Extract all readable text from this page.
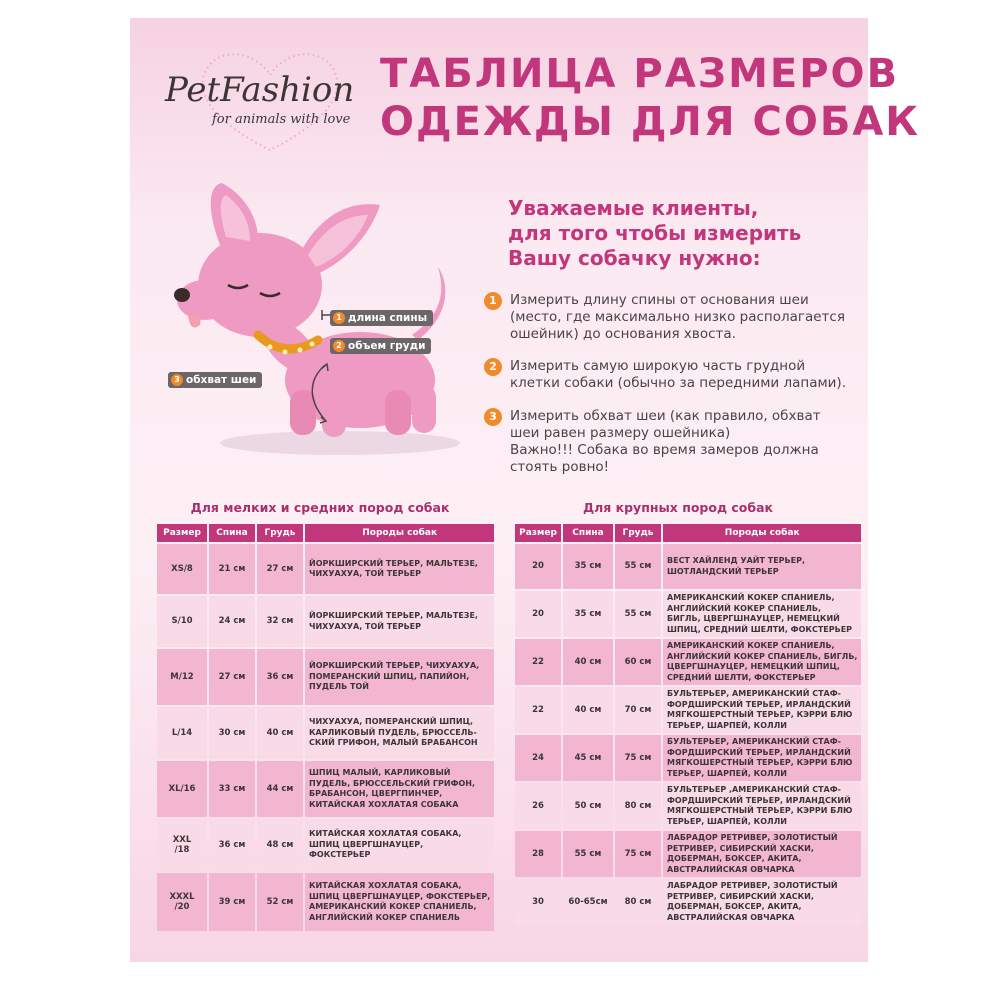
PetFashion
for animals with love
ТАБЛИЦА РАЗМЕРОВ
ОДЕЖДЫ ДЛЯ СОБАК
1 длина спины
2 объем груди
3 обхват шеи
Уважаемые клиенты,
для того чтобы измерить
Вашу собачку нужно:
1 Измерить длину спины от основания шеи
(место, где максимально низко располагается
ошейник) до основания хвоста.
2 Измерить самую широкую часть грудной
клетки собаки (обычно за передними лапами).
3 Измерить обхват шеи (как правило, обхват
шеи равен размеру ошейника)
Важно!!! Собака во время замеров должна
стоять ровно!
Для мелких и средних пород собак	Для крупных пород собак
Размер	Спина	Грудь	Породы собак

XS/8	21 см	27 см	ЙОРКШИРСКИЙ ТЕРЬЕР, МАЛЬТЕЗЕ,
ЧИХУАХУА, ТОЙ ТЕРЬЕР

S/10	24 см	32 см	ЙОРКШИРСКИЙ ТЕРЬЕР, МАЛЬТЕЗЕ,
ЧИХУАХУА, ТОЙ ТЕРЬЕР

M/12	27 см	36 см	ЙОРКШИРСКИЙ ТЕРЬЕР, ЧИХУАХУА,
ПОМЕРАНСКИЙ ШПИЦ, ПАПИЙОН,
ПУДЕЛЬ ТОЙ

L/14	30 см	40 см	ЧИХУАХУА, ПОМЕРАНСКИЙ ШПИЦ,
КАРЛИКОВЫЙ ПУДЕЛЬ, БРЮССЕЛЬ-
СКИЙ ГРИФОН, МАЛЫЙ БРАБАНСОН

XL/16	33 см	44 см	ШПИЦ МАЛЫЙ, КАРЛИКОВЫЙ
ПУДЕЛЬ, БРЮССЕЛЬСКИЙ ГРИФОН,
БРАБАНСОН, ЦВЕРГПИНЧЕР,
КИТАЙСКАЯ ХОХЛАТАЯ СОБАКА

XXL
/18	36 см	48 см	КИТАЙСКАЯ ХОХЛАТАЯ СОБАКА,
ШПИЦ ЦВЕРГШНАУЦЕР,
ФОКСТЕРЬЕР

XXXL
/20	39 см	52 см	КИТАЙСКАЯ ХОХЛАТАЯ СОБАКА,
ШПИЦ ЦВЕРГШНАУЦЕР, ФОКСТЕРЬЕР,
АМЕРИКАНСКИЙ КОКЕР СПАНИЕЛЬ,
АНГЛИЙСКИЙ КОКЕР СПАНИЕЛЬ
Размер	Спина	Грудь	Породы собак

20	35 см	55 см	ВЕСТ ХАЙЛЕНД УАЙТ ТЕРЬЕР,
ШОТЛАНДСКИЙ ТЕРЬЕР

20	35 см	55 см	АМЕРИКАНСКИЙ КОКЕР СПАНИЕЛЬ,
АНГЛИЙСКИЙ КОКЕР СПАНИЕЛЬ,
БИГЛЬ, ЦВЕРГШНАУЦЕР, НЕМЕЦКИЙ
ШПИЦ, СРЕДНИЙ ШЕЛТИ, ФОКСТЕРЬЕР

22	40 см	60 см	АМЕРИКАНСКИЙ КОКЕР СПАНИЕЛЬ,
АНГЛИЙСКИЙ КОКЕР СПАНИЕЛЬ, БИГЛЬ,
ЦВЕРГШНАУЦЕР, НЕМЕЦКИЙ ШПИЦ,
СРЕДНИЙ ШЕЛТИ, ФОКСТЕРЬЕР

22	40 см	70 см	БУЛЬТЕРЬЕР, АМЕРИКАНСКИЙ СТАФ-
ФОРДШИРСКИЙ ТЕРЬЕР, ИРЛАНДСКИЙ
МЯГКОШЕРСТНЫЙ ТЕРЬЕР, КЭРРИ БЛЮ
ТЕРЬЕР, ШАРПЕЙ, КОЛЛИ

24	45 см	75 см	БУЛЬТЕРЬЕР, АМЕРИКАНСКИЙ СТАФ-
ФОРДШИРСКИЙ ТЕРЬЕР, ИРЛАНДСКИЙ
МЯГКОШЕРСТНЫЙ ТЕРЬЕР, КЭРРИ БЛЮ
ТЕРЬЕР, ШАРПЕЙ, КОЛЛИ

26	50 см	80 см	БУЛЬТЕРЬЕР ,АМЕРИКАНСКИЙ СТАФ-
ФОРДШИРСКИЙ ТЕРЬЕР, ИРЛАНДСКИЙ
МЯГКОШЕРСТНЫЙ ТЕРЬЕР, КЭРРИ БЛЮ
ТЕРЬЕР, ШАРПЕЙ, КОЛЛИ

28	55 см	75 см	ЛАБРАДОР РЕТРИВЕР, ЗОЛОТИСТЫЙ
РЕТРИВЕР, СИБИРСКИЙ ХАСКИ,
ДОБЕРМАН, БОКСЕР, АКИТА,
АВСТРАЛИЙСКАЯ ОВЧАРКА

30	60-65см	80 см	ЛАБРАДОР РЕТРИВЕР, ЗОЛОТИСТЫЙ
РЕТРИВЕР, СИБИРСКИЙ ХАСКИ,
ДОБЕРМАН, БОКСЕР, АКИТА,
АВСТРАЛИЙСКАЯ ОВЧАРКА
